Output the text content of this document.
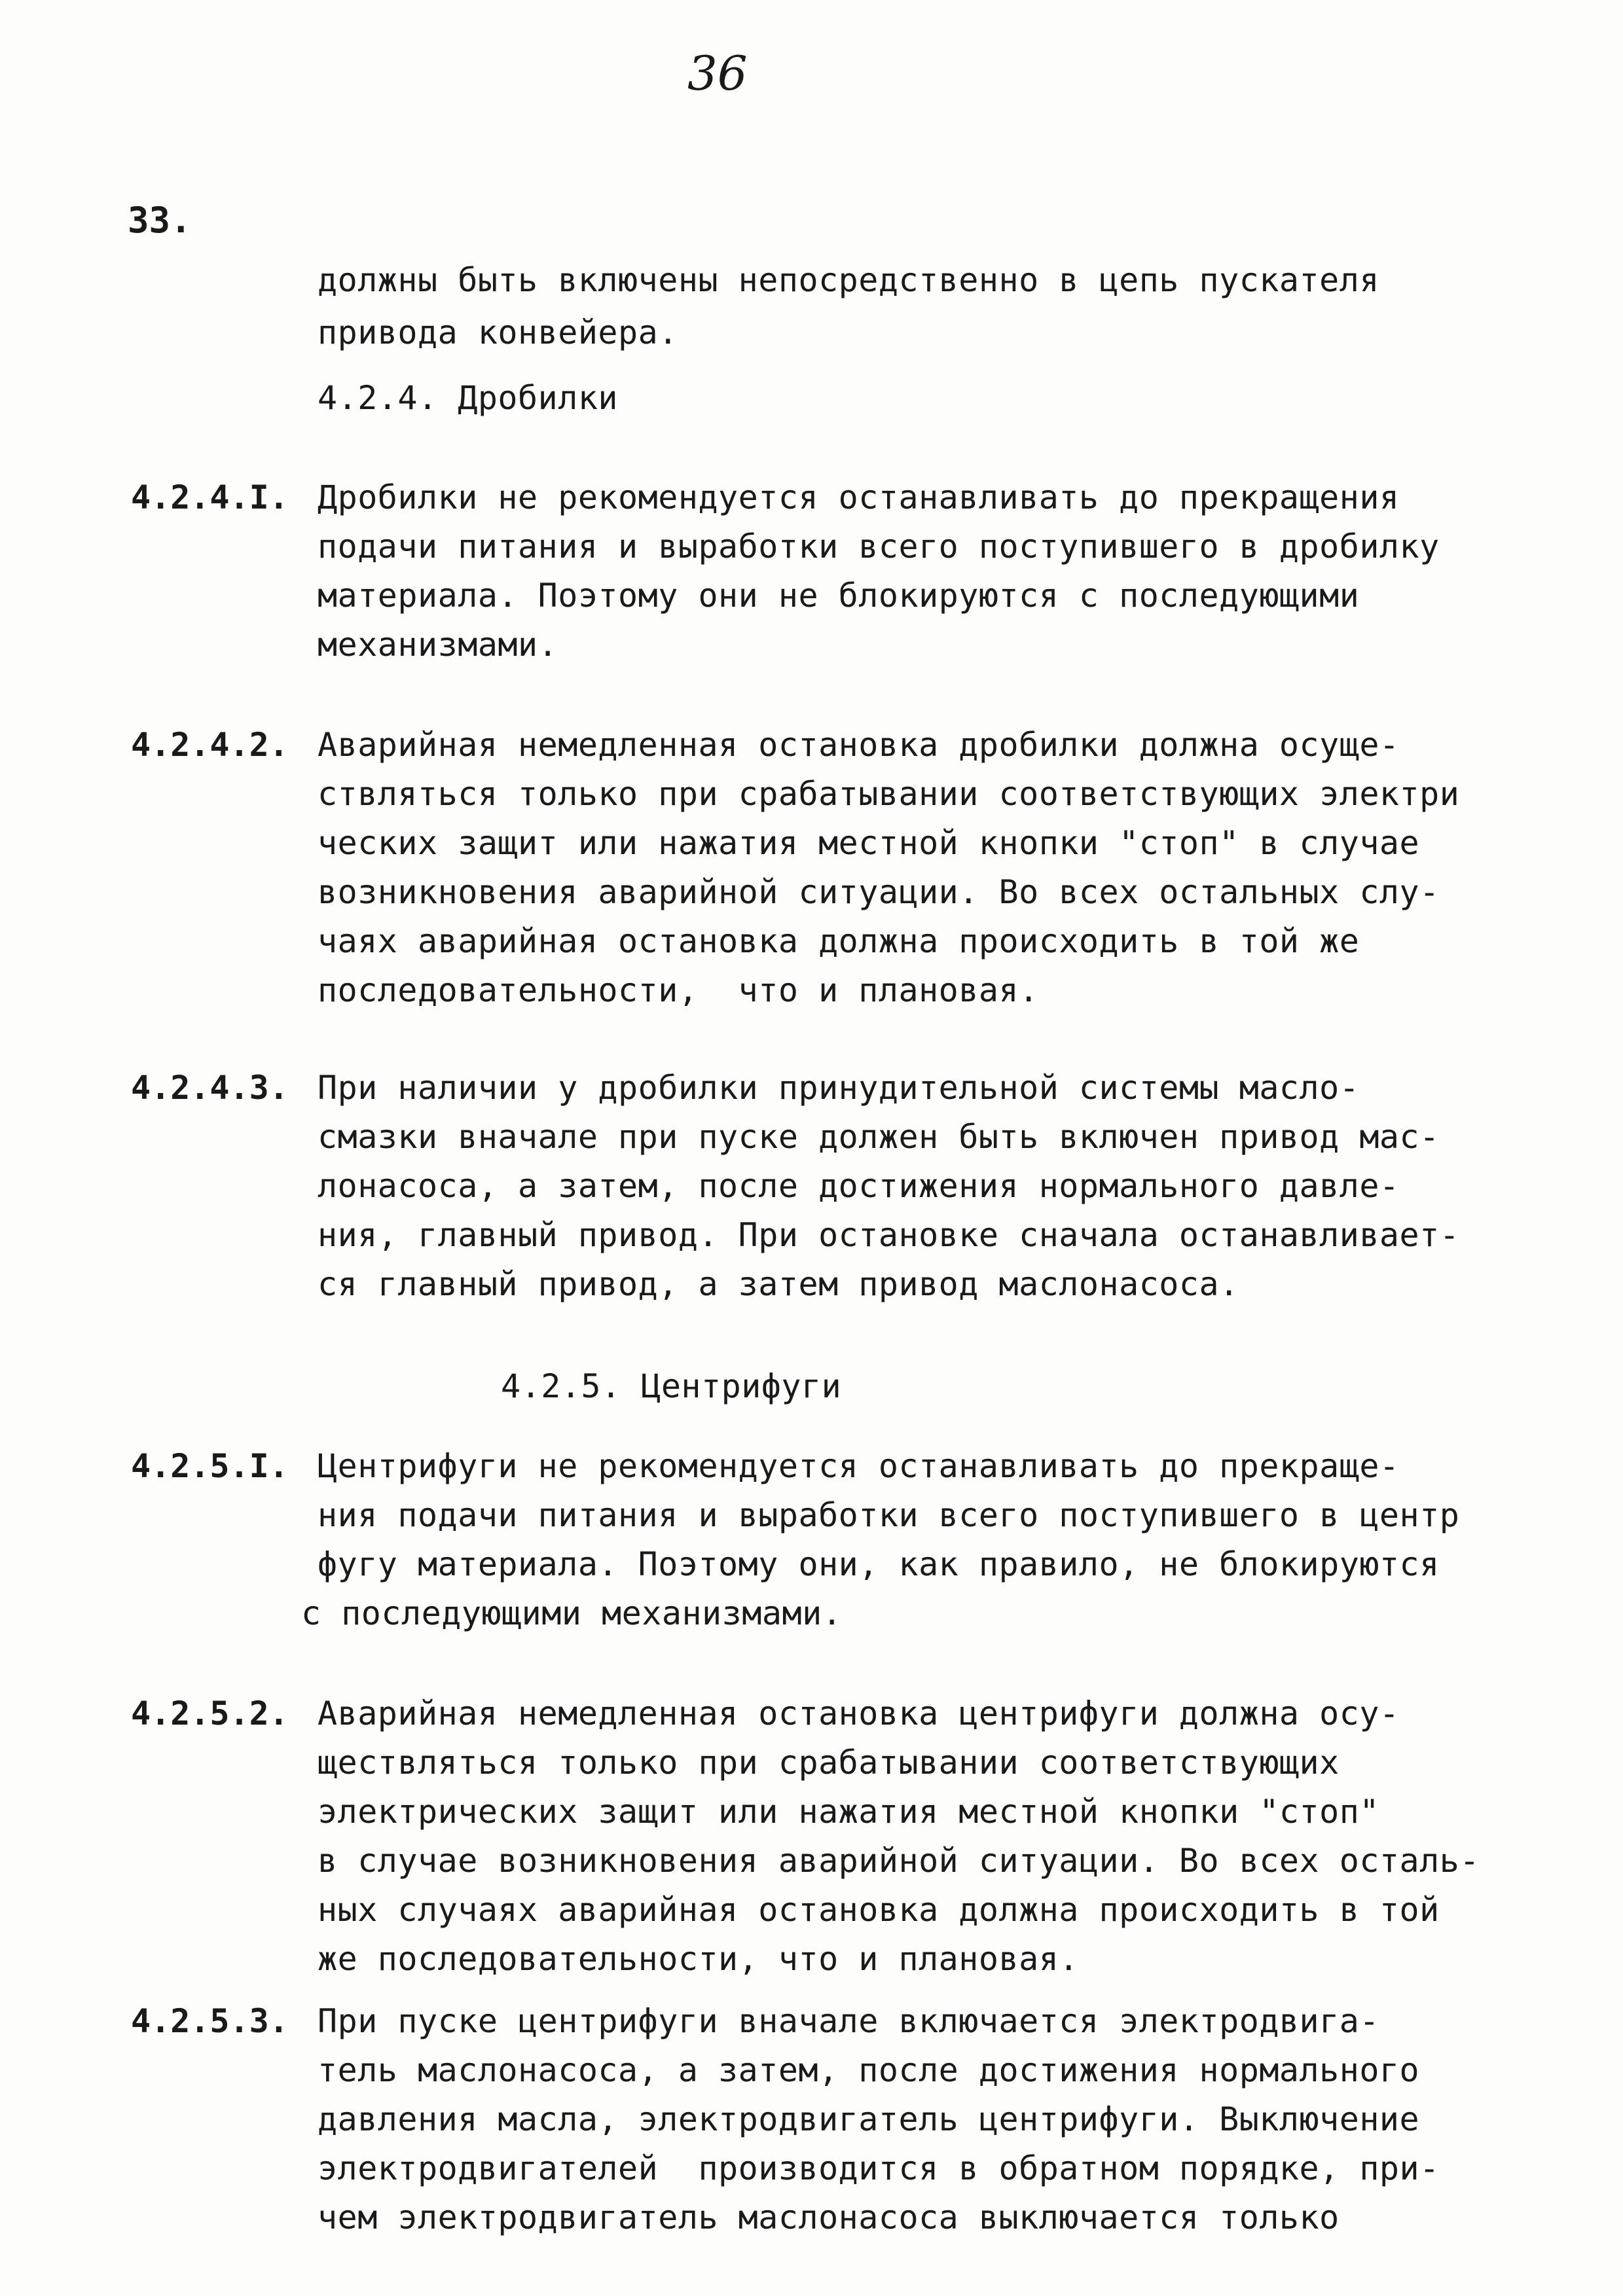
36
33.
должны быть включены непосредственно в цепь пускателя
привода конвейера.
4.2.4. Дробилки
4.2.4.I. Дробилки не рекомендуется останавливать до прекращения
подачи питания и выработки всего поступившего в дробилку
материала. Поэтому они не блокируются с последующими
механизмами.
4.2.4.2. Аварийная немедленная остановка дробилки должна осуще-
ствляться только при срабатывании соответствующих электри
ческих защит или нажатия местной кнопки "стоп" в случае
возникновения аварийной ситуации. Во всех остальных слу-
чаях аварийная остановка должна происходить в той же
последовательности,  что и плановая.
4.2.4.3. При наличии у дробилки принудительной системы масло-
смазки вначале при пуске должен быть включен привод мас-
лонасоса, а затем, после достижения нормального давле-
ния, главный привод. При остановке сначала останавливает-
ся главный привод, а затем привод маслонасоса.
4.2.5. Центрифуги
4.2.5.I. Центрифуги не рекомендуется останавливать до прекраще-
ния подачи питания и выработки всего поступившего в центр
фугу материала. Поэтому они, как правило, не блокируются
с последующими механизмами.
4.2.5.2. Аварийная немедленная остановка центрифуги должна осу-
ществляться только при срабатывании соответствующих
электрических защит или нажатия местной кнопки "стоп"
в случае возникновения аварийной ситуации. Во всех осталь-
ных случаях аварийная остановка должна происходить в той
же последовательности, что и плановая.
4.2.5.3. При пуске центрифуги вначале включается электродвига-
тель маслонасоса, а затем, после достижения нормального
давления масла, электродвигатель центрифуги. Выключение
электродвигателей  производится в обратном порядке, при-
чем электродвигатель маслонасоса выключается только
